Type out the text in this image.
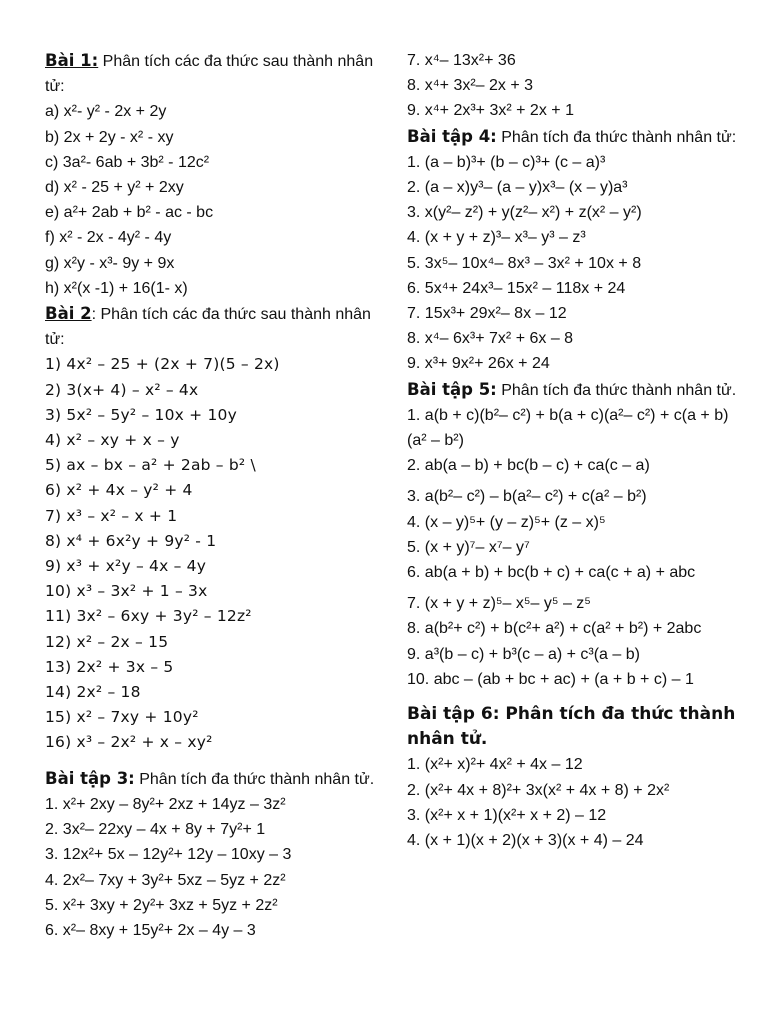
Bài 1: Phân tích các đa thức sau thành nhân tử:
a) x²- y² - 2x + 2y
b) 2x + 2y - x² - xy
c) 3a²- 6ab + 3b² - 12c²
d) x² - 25 + y² + 2xy
e) a²+ 2ab + b² - ac - bc
f) x² - 2x - 4y² - 4y
g) x²y - x³- 9y + 9x
h) x²(x -1) + 16(1- x)
Bài 2: Phân tích các đa thức sau thành nhân tử:
1) 4x² – 25 + (2x + 7)(5 – 2x)
2) 3(x+ 4) – x² – 4x
3) 5x² – 5y² – 10x + 10y
4) x² – xy + x – y
5) ax – bx – a² + 2ab – b² \
6) x² + 4x – y² + 4
7) x³ – x² – x + 1
8) x⁴ + 6x²y + 9y² - 1
9) x³ + x²y – 4x – 4y
10) x³ – 3x² + 1 – 3x
11) 3x² – 6xy + 3y² – 12z²
12) x² – 2x – 15
13) 2x² + 3x – 5
14) 2x² – 18
15) x² – 7xy + 10y²
16) x³ – 2x² + x – xy²
Bài tập 3: Phân tích đa thức thành nhân tử.
1. x²+ 2xy – 8y²+ 2xz + 14yz – 3z²
2. 3x²– 22xy – 4x + 8y + 7y²+ 1
3. 12x²+ 5x – 12y²+ 12y – 10xy – 3
4. 2x²– 7xy + 3y²+ 5xz – 5yz + 2z²
5. x²+ 3xy + 2y²+ 3xz + 5yz + 2z²
6. x²– 8xy + 15y²+ 2x – 4y – 3
7. x⁴– 13x²+ 36
8. x⁴+ 3x²– 2x + 3
9. x⁴+ 2x³+ 3x² + 2x + 1
Bài tập 4: Phân tích đa thức thành nhân tử:
1. (a – b)³+ (b – c)³+ (c – a)³
2. (a – x)y³– (a – y)x³– (x – y)a³
3. x(y²– z²) + y(z²– x²) + z(x² – y²)
4. (x + y + z)³– x³– y³ – z³
5. 3x⁵– 10x⁴– 8x³ – 3x² + 10x + 8
6. 5x⁴+ 24x³– 15x² – 118x + 24
7. 15x³+ 29x²– 8x – 12
8. x⁴– 6x³+ 7x² + 6x – 8
9. x³+ 9x²+ 26x + 24
Bài tập 5: Phân tích đa thức thành nhân tử.
1. a(b + c)(b²– c²) + b(a + c)(a²– c²) + c(a + b)(a² – b²)
2. ab(a – b) + bc(b – c) + ca(c – a)
3. a(b²– c²) – b(a²– c²) + c(a² – b²)
4. (x – y)⁵+ (y – z)⁵+ (z – x)⁵
5. (x + y)⁷– x⁷– y⁷
6. ab(a + b) + bc(b + c) + ca(c + a) + abc
7. (x + y + z)⁵– x⁵– y⁵ – z⁵
8. a(b²+ c²) + b(c²+ a²) + c(a² + b²) + 2abc
9. a³(b – c) + b³(c – a) + c³(a – b)
10. abc – (ab + bc + ac) + (a + b + c) – 1
Bài tập 6: Phân tích đa thức thành nhân tử.
1. (x²+ x)²+ 4x² + 4x – 12
2. (x²+ 4x + 8)²+ 3x(x² + 4x + 8) + 2x²
3. (x²+ x + 1)(x²+ x + 2) – 12
4. (x + 1)(x + 2)(x + 3)(x + 4) – 24
